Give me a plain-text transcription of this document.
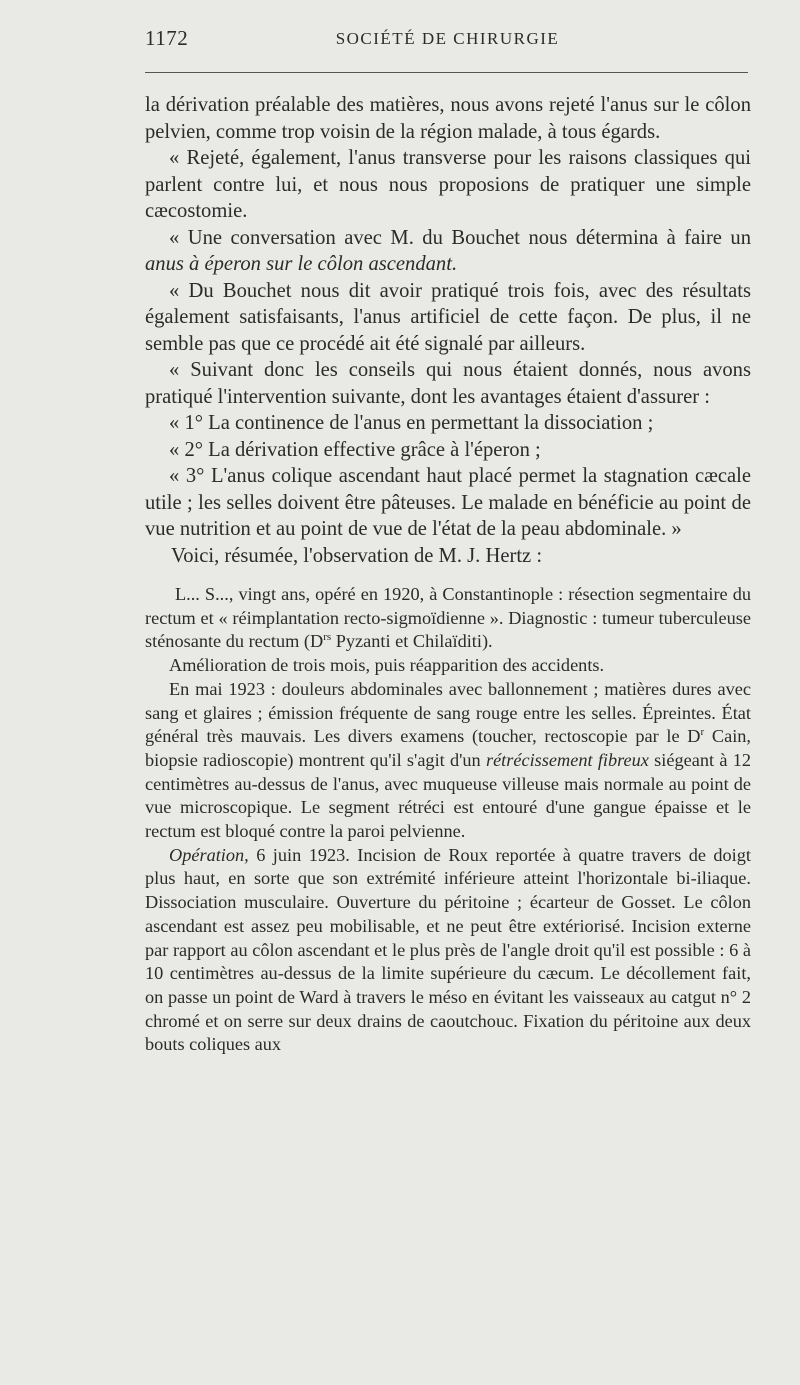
1172	SOCIÉTÉ DE CHIRURGIE

la dérivation préalable des matières, nous avons rejeté l'anus sur le côlon pelvien, comme trop voisin de la région malade, à tous égards.

« Rejeté, également, l'anus transverse pour les raisons classiques qui parlent contre lui, et nous nous proposions de pratiquer une simple cæcostomie.

« Une conversation avec M. du Bouchet nous détermina à faire un anus à éperon sur le côlon ascendant.

« Du Bouchet nous dit avoir pratiqué trois fois, avec des résultats également satisfaisants, l'anus artificiel de cette façon. De plus, il ne semble pas que ce procédé ait été signalé par ailleurs.

« Suivant donc les conseils qui nous étaient donnés, nous avons pratiqué l'intervention suivante, dont les avantages étaient d'assurer :

« 1° La continence de l'anus en permettant la dissociation ;

« 2° La dérivation effective grâce à l'éperon ;

« 3° L'anus colique ascendant haut placé permet la stagnation cæcale utile ; les selles doivent être pâteuses. Le malade en bénéficie au point de vue nutrition et au point de vue de l'état de la peau abdominale. »

Voici, résumée, l'observation de M. J. Hertz :

L... S..., vingt ans, opéré en 1920, à Constantinople : résection segmentaire du rectum et « réimplantation recto-sigmoïdienne ». Diagnostic : tumeur tuberculeuse sténosante du rectum ($D^{rs}$ Pyzanti et Chilaïditi).

Amélioration de trois mois, puis réapparition des accidents.

En mai 1923 : douleurs abdominales avec ballonnement ; matières dures avec sang et glaires ; émission fréquente de sang rouge entre les selles. Épreintes. État général très mauvais. Les divers examens (toucher, rectoscopie par le $D^r$ Cain, biopsie radioscopie) montrent qu'il s'agit d'un rétrécissement fibreux siégeant à 12 centimètres au-dessus de l'anus, avec muqueuse villeuse mais normale au point de vue microscopique. Le segment rétréci est entouré d'une gangue épaisse et le rectum est bloqué contre la paroi pelvienne.

Opération, 6 juin 1923. Incision de Roux reportée à quatre travers de doigt plus haut, en sorte que son extrémité inférieure atteint l'horizontale bi-iliaque. Dissociation musculaire. Ouverture du péritoine ; écarteur de Gosset. Le côlon ascendant est assez peu mobilisable, et ne peut être extériorisé. Incision externe par rapport au côlon ascendant et le plus près de l'angle droit qu'il est possible : 6 à 10 centimètres au-dessus de la limite supérieure du cæcum. Le décollement fait, on passe un point de Ward à travers le méso en évitant les vaisseaux au catgut n° 2 chromé et on serre sur deux drains de caoutchouc. Fixation du péritoine aux deux bouts coliques aux
